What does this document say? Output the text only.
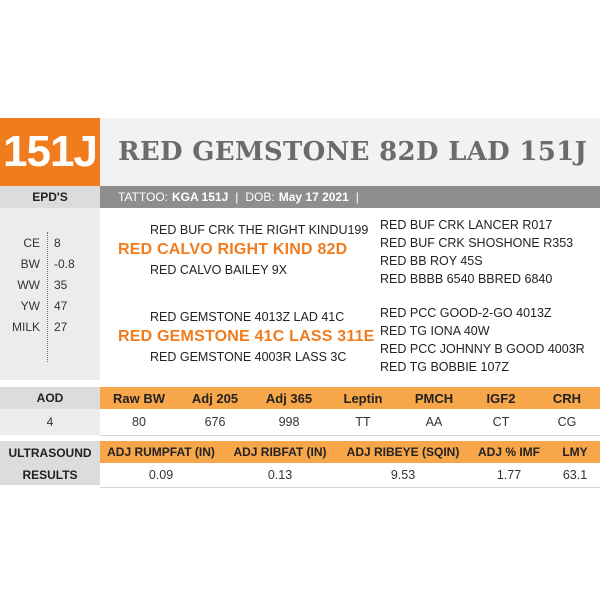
151J RED GEMSTONE 82D LAD 151J
EPD'S	TATTOO: KGA 151J | DOB: May 17 2021 |
CE	8
BW	-0.8
WW	35
YW	47
MILK	27
RED BUF CRK THE RIGHT KINDU199
RED CALVO RIGHT KIND 82D
RED CALVO BAILEY 9X
RED BUF CRK LANCER R017
RED BUF CRK SHOSHONE R353
RED BB ROY 45S
RED BBBB 6540 BBRED 6840
RED GEMSTONE 4013Z LAD 41C
RED GEMSTONE 41C LASS 311E
RED GEMSTONE 4003R LASS 3C
RED PCC GOOD-2-GO 4013Z
RED TG IONA 40W
RED PCC JOHNNY B GOOD 4003R
RED TG BOBBIE 107Z
AOD	Raw BW	Adj 205	Adj 365	Leptin	PMCH	IGF2	CRH
4	80	676	998	TT	AA	CT	CG
ULTRASOUND	ADJ RUMPFAT (IN)	ADJ RIBFAT (IN)	ADJ RIBEYE (SQIN)	ADJ % IMF	LMY
RESULTS	0.09	0.13	9.53	1.77	63.1
